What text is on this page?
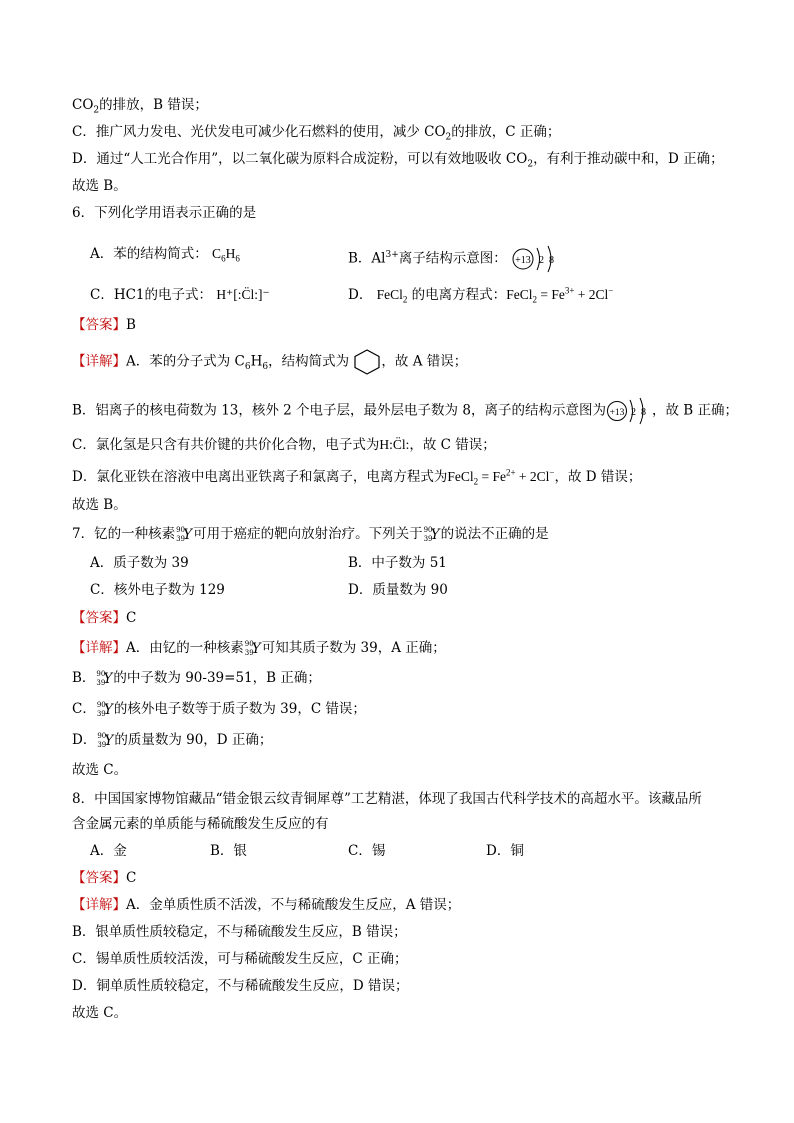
$CO_2$的排放，B 错误；
C．推广风力发电、光伏发电可减少化石燃料的使用，减少 $CO_2$的排放，C 正确；
D．通过“人工光合作用”，以二氧化碳为原料合成淀粉，可以有效地吸收 $CO_2$，有利于推动碳中和，D 正确；
故选 B。
6．下列化学用语表示正确的是
A．苯的结构简式： $C_6H_6$	B．$Al^{3+}$离子结构示意图： +13 2 8
C．HC1的电子式： H⁺[:C̈l:]⁻	D． FeCl$_2$ 的电离方程式：FeCl$_2$ = $Fe^{3+} + 2Cl^-$
【答案】B
【详解】A．苯的分子式为 $C_6H_6$，结构简式为 ，故 A 错误；
B．铝离子的核电荷数为 13，核外 2 个电子层，最外层电子数为 8，离子的结构示意图为 +13 2 8 ，故 B 正确；
C．氯化氢是只含有共价键的共价化合物，电子式为H:C̈l:，故 C 错误；
D．氯化亚铁在溶液中电离出亚铁离子和氯离子，电离方程式为FeCl$_2$ = $Fe^{2+} + 2Cl^-$，故 D 错误；
故选 B。
7．钇的一种核素 90
39
Y 可用于癌症的靶向放射治疗。下列关于 90
39
Y 的说法不正确的是
A．质子数为 39	B．中子数为 51
C．核外电子数为 129	D．质量数为 90
【答案】C
【详解】A．由钇的一种核素 90
39
Y 可知其质子数为 39，A 正确；
B． 90
39
Y 的中子数为 90-39=51，B 正确；
C． 90
39
Y 的核外电子数等于质子数为 39，C 错误；
D． 90
39
Y 的质量数为 90，D 正确；
故选 C。
8．中国国家博物馆藏品“错金银云纹青铜犀尊”工艺精湛，体现了我国古代科学技术的高超水平。该藏品所
含金属元素的单质能与稀硫酸发生反应的有
A．金	B．银	C．锡	D．铜
【答案】C
【详解】A．金单质性质不活泼，不与稀硫酸发生反应，A 错误；
B．银单质性质较稳定，不与稀硫酸发生反应，B 错误；
C．锡单质性质较活泼，可与稀硫酸发生反应，C 正确；
D．铜单质性质较稳定，不与稀硫酸发生反应，D 错误；
故选 C。
